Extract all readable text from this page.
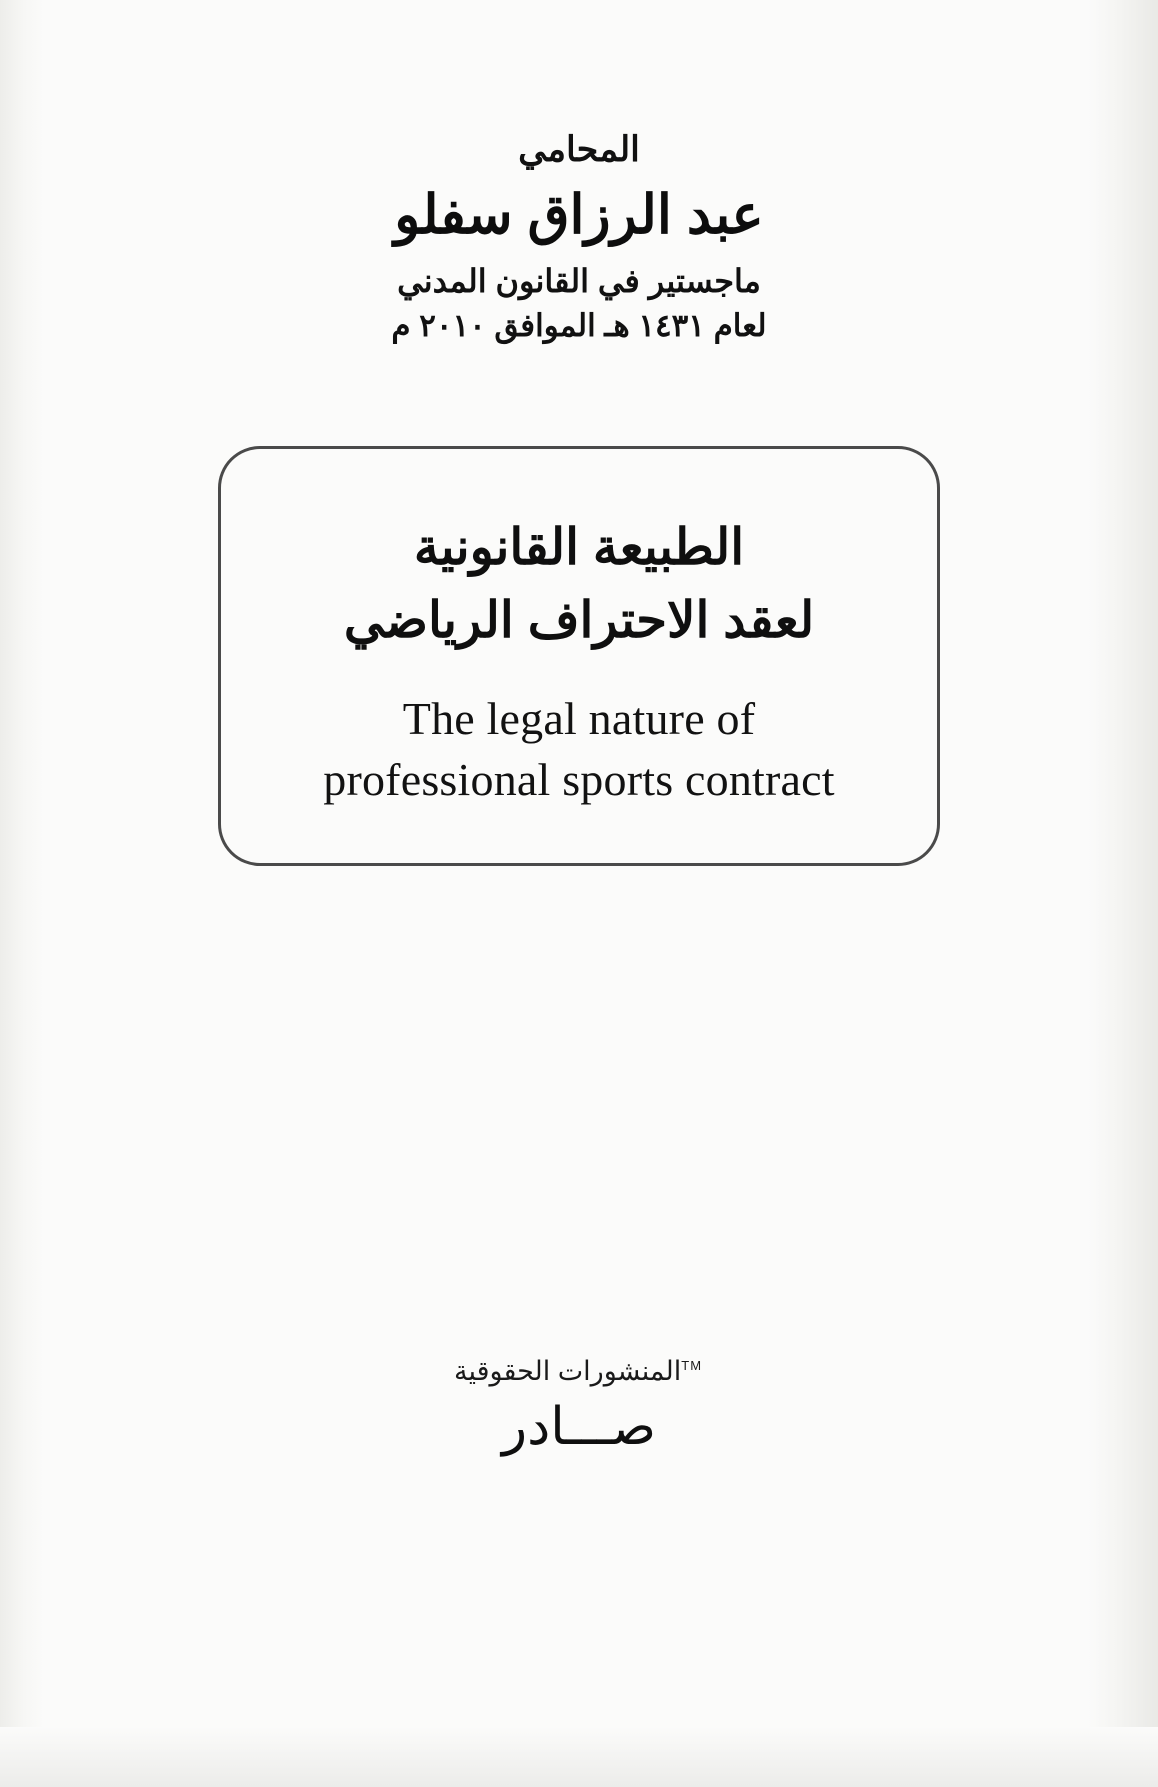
المحامي
عبد الرزاق سفلو
ماجستير في القانون المدني
لعام ١٤٣١ هـ الموافق ٢٠١٠ م
الطبيعة القانونية
لعقد الاحتراف الرياضي
The legal nature of
professional sports contract
™المنشورات الحقوقية
صـــادر
